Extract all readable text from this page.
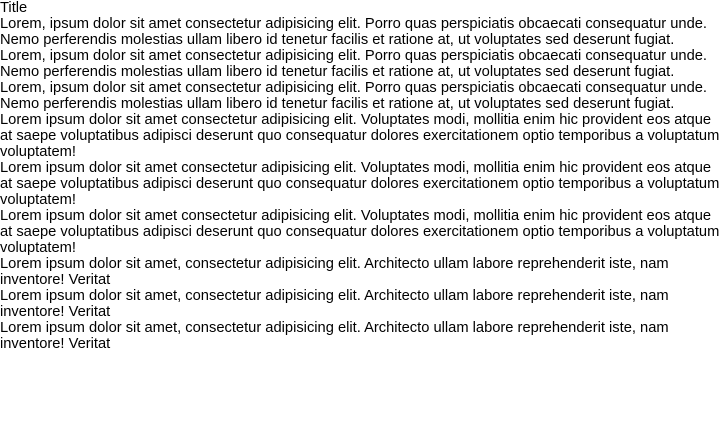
Title

Lorem, ipsum dolor sit amet consectetur adipisicing elit. Porro quas perspiciatis obcaecati consequatur unde. Nemo perferendis molestias ullam libero id tenetur facilis et ratione at, ut voluptates sed deserunt fugiat.

Lorem, ipsum dolor sit amet consectetur adipisicing elit. Porro quas perspiciatis obcaecati consequatur unde. Nemo perferendis molestias ullam libero id tenetur facilis et ratione at, ut voluptates sed deserunt fugiat.

Lorem, ipsum dolor sit amet consectetur adipisicing elit. Porro quas perspiciatis obcaecati consequatur unde. Nemo perferendis molestias ullam libero id tenetur facilis et ratione at, ut voluptates sed deserunt fugiat.

Lorem ipsum dolor sit amet consectetur adipisicing elit. Voluptates modi, mollitia enim hic provident eos atque at saepe voluptatibus adipisci deserunt quo consequatur dolores exercitationem optio temporibus a voluptatum voluptatem!

Lorem ipsum dolor sit amet consectetur adipisicing elit. Voluptates modi, mollitia enim hic provident eos atque at saepe voluptatibus adipisci deserunt quo consequatur dolores exercitationem optio temporibus a voluptatum voluptatem!

Lorem ipsum dolor sit amet consectetur adipisicing elit. Voluptates modi, mollitia enim hic provident eos atque at saepe voluptatibus adipisci deserunt quo consequatur dolores exercitationem optio temporibus a voluptatum voluptatem!

Lorem ipsum dolor sit amet, consectetur adipisicing elit. Architecto ullam labore reprehenderit iste, nam inventore! Veritat

Lorem ipsum dolor sit amet, consectetur adipisicing elit. Architecto ullam labore reprehenderit iste, nam inventore! Veritat

Lorem ipsum dolor sit amet, consectetur adipisicing elit. Architecto ullam labore reprehenderit iste, nam inventore! Veritat
